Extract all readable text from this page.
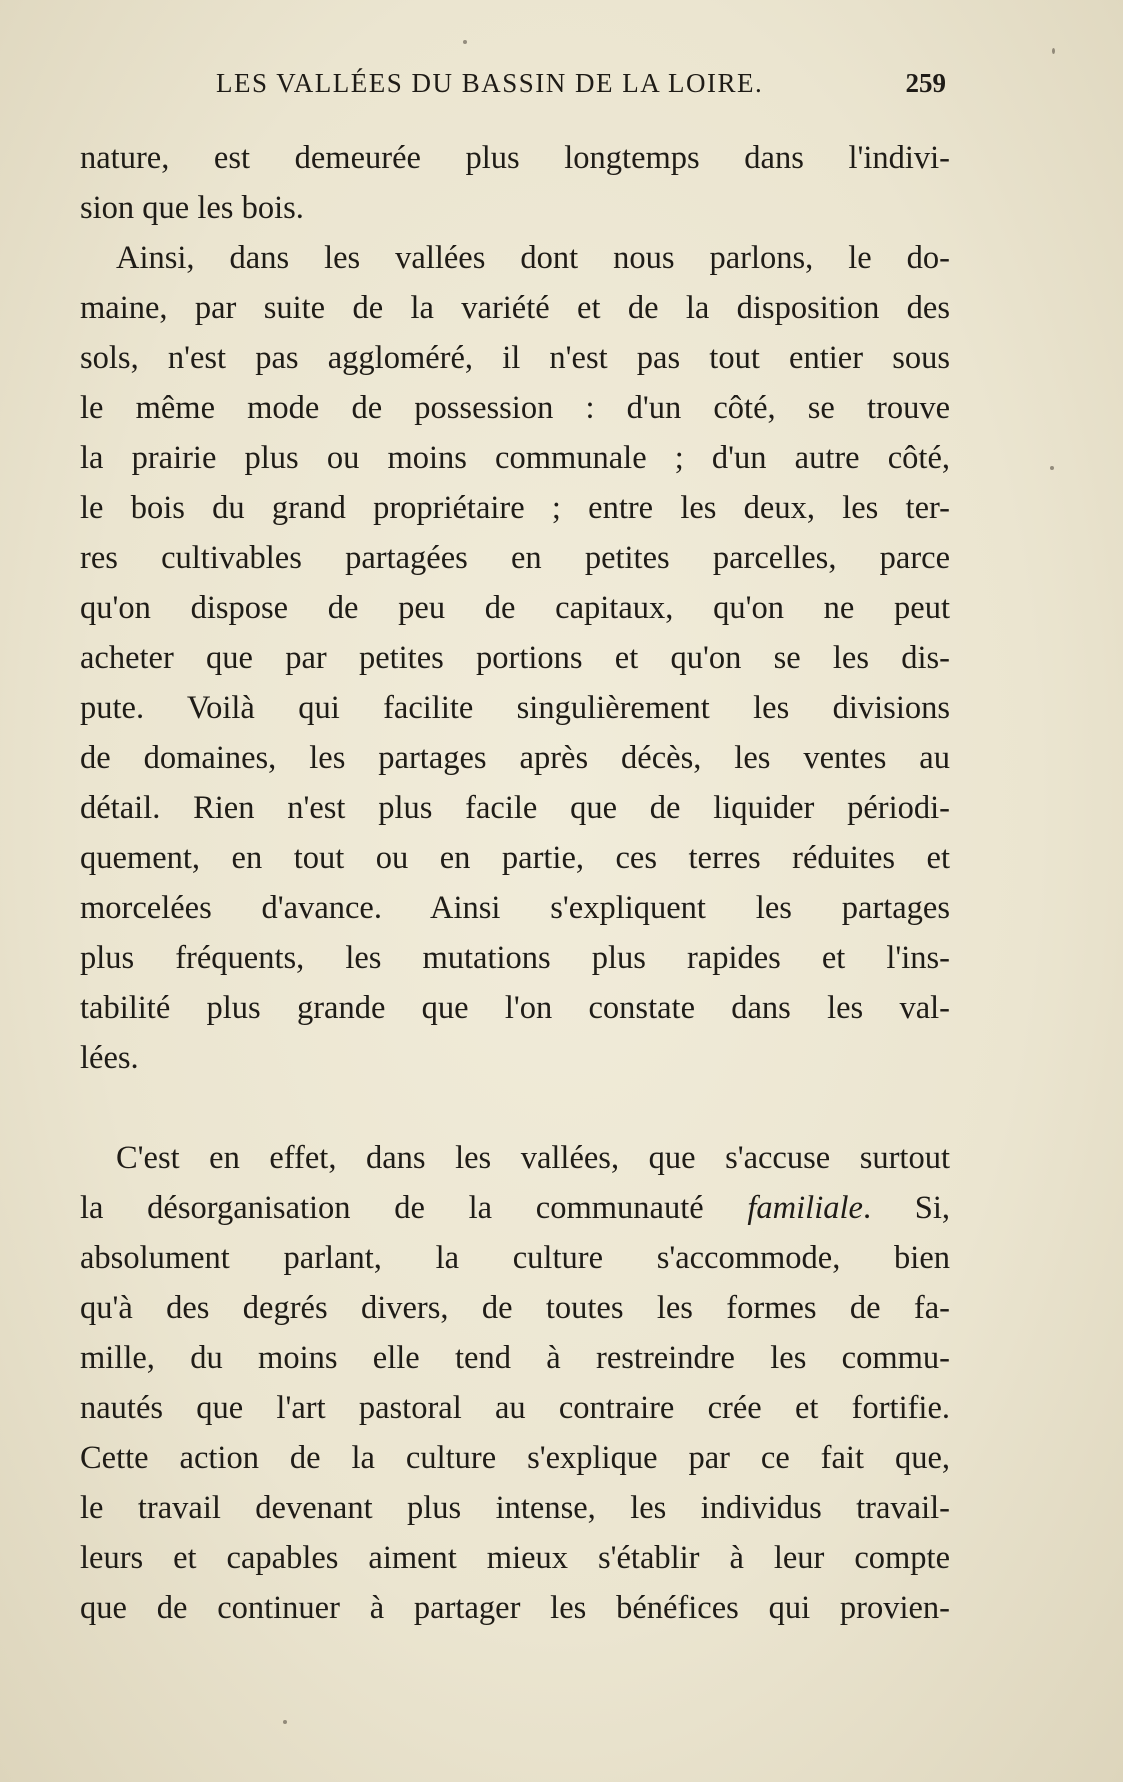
LES VALLÉES DU BASSIN DE LA LOIRE.	259
nature, est demeurée plus longtemps dans l'indivi-
sion que les bois.
Ainsi, dans les vallées dont nous parlons, le do-
maine, par suite de la variété et de la disposition des
sols, n'est pas aggloméré, il n'est pas tout entier sous
le même mode de possession : d'un côté, se trouve
la prairie plus ou moins communale ; d'un autre côté,
le bois du grand propriétaire ; entre les deux, les ter-
res cultivables partagées en petites parcelles, parce
qu'on dispose de peu de capitaux, qu'on ne peut
acheter que par petites portions et qu'on se les dis-
pute. Voilà qui facilite singulièrement les divisions
de domaines, les partages après décès, les ventes au
détail. Rien n'est plus facile que de liquider périodi-
quement, en tout ou en partie, ces terres réduites et
morcelées d'avance. Ainsi s'expliquent les partages
plus fréquents, les mutations plus rapides et l'ins-
tabilité plus grande que l'on constate dans les val-
lées.
C'est en effet, dans les vallées, que s'accuse surtout
la désorganisation de la communauté familiale. Si,
absolument parlant, la culture s'accommode, bien
qu'à des degrés divers, de toutes les formes de fa-
mille, du moins elle tend à restreindre les commu-
nautés que l'art pastoral au contraire crée et fortifie.
Cette action de la culture s'explique par ce fait que,
le travail devenant plus intense, les individus travail-
leurs et capables aiment mieux s'établir à leur compte
que de continuer à partager les bénéfices qui provien-
